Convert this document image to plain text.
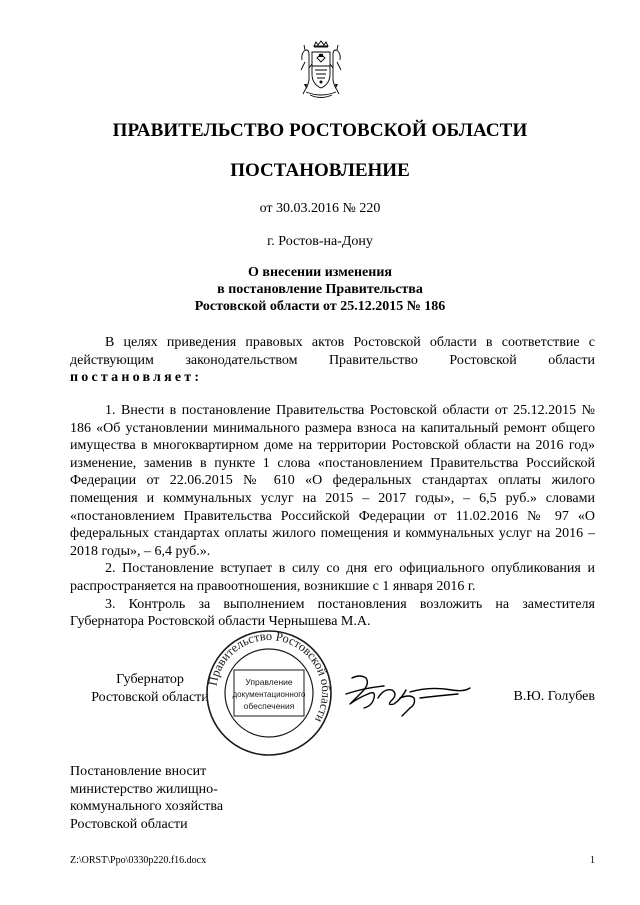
ПРАВИТЕЛЬСТВО РОСТОВСКОЙ ОБЛАСТИ
ПОСТАНОВЛЕНИЕ
от 30.03.2016 № 220
г. Ростов-на-Дону
О внесении изменения
в постановление Правительства
Ростовской области от 25.12.2015 № 186

В целях приведения правовых актов Ростовской области в соответствие с действующим законодательством Правительство Ростовской области постановляет:

1. Внести в постановление Правительства Ростовской области от 25.12.2015 № 186 «Об установлении минимального размера взноса на капитальный ремонт общего имущества в многоквартирном доме на территории Ростовской области на 2016 год» изменение, заменив в пункте 1 слова «постановлением Правительства Российской Федерации от 22.06.2015 № 610 «О федеральных стандартах оплаты жилого помещения и коммунальных услуг на 2015 – 2017 годы», – 6,5 руб.» словами «постановлением Правительства Российской Федерации от 11.02.2016 № 97 «О федеральных стандартах оплаты жилого помещения и коммунальных услуг на 2016 – 2018 годы», – 6,4 руб.».

2. Постановление вступает в силу со дня его официального опубликования и распространяется на правоотношения, возникшие с 1 января 2016 г.

3. Контроль за выполнением постановления возложить на заместителя Губернатора Ростовской области Чернышева М.А.

Губернатор
Ростовской области
Правительство Ростовской области
Управление
документационного
обеспечения
В.Ю. Голубев
Постановление вносит
министерство жилищно-
коммунального хозяйства
Ростовской области
Z:\ORST\Ppo\0330p220.f16.docx	1
